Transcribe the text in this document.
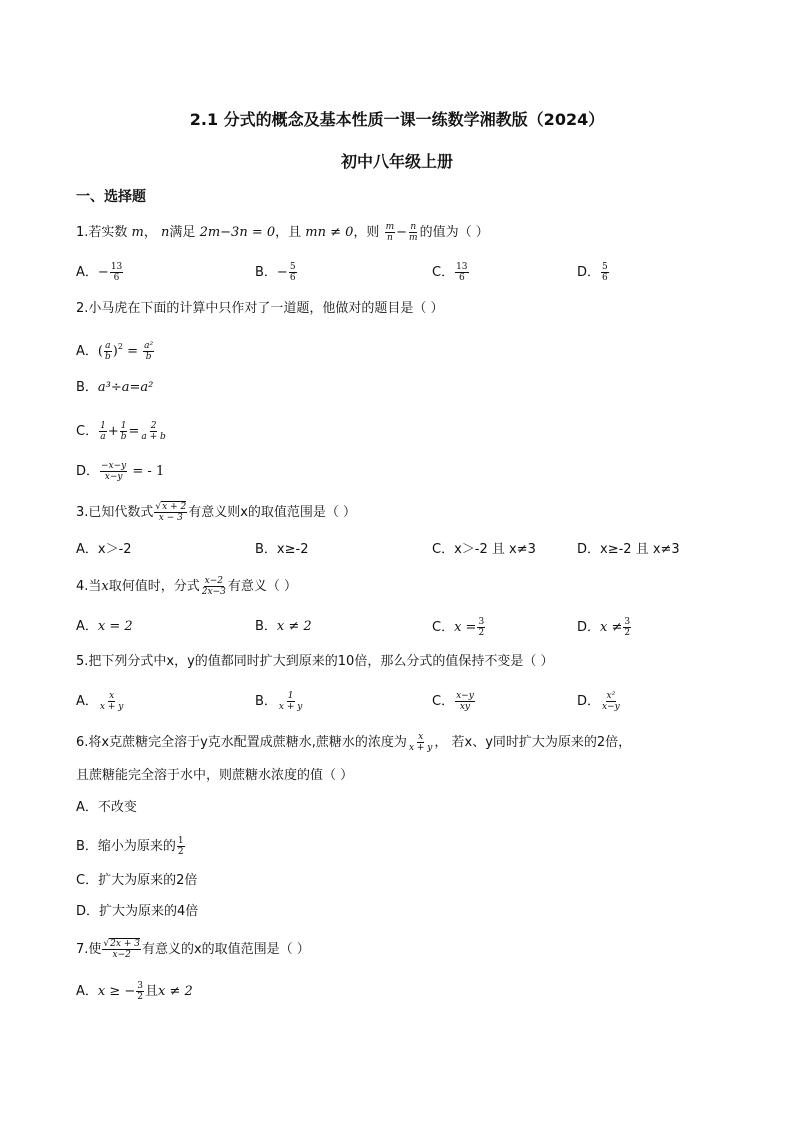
2.1 分式的概念及基本性质一课一练数学湘教版（2024）
初中八年级上册
一、选择题
1.若实数 m， n满足 2m−3n = 0，且 mn ≠ 0，则 $\frac{m}{n} - \frac{n}{m}$ 的值为（ ）
A．− $\frac{13}{6}$	B．− $\frac{5}{6}$	C． $\frac{13}{6}$	D． $\frac{5}{6}$
2.小马虎在下面的计算中只作对了一道题，他做对的题目是（ ）
A．( $\frac{a}{b} )^2 = \frac{\text{a²}}{b}$
B．a³÷a=a²
C． $\frac{1}{a} + \frac{1}{b} = \frac{2}{a + b}$
D． $\frac{-x-y}{x-y}$ = - 1
3.已知代数式 $\frac{√x + 2}{x - 3}$ 有意义则x的取值范围是（ ）
A．x＞-2	B．x≥-2	C．x＞-2 且 x≠3	D．x≥-2 且 x≠3
4.当x取何值时，分式 $\frac{x-2}{2x-3}$ 有意义（ ）
A．x = 2	B．x ≠ 2	C．$x = \frac{3}{2}$	D．$x \ne \frac{3}{2}$
5.把下列分式中x，y的值都同时扩大到原来的10倍，那么分式的值保持不变是（ ）
A． $\frac{x}{x + y}$	B． $\frac{1}{x + y}$	C． $\frac{x-y}{xy}$	D． $\frac{\text{x²}}{x-y}$
6.将x克蔗糖完全溶于y克水配置成蔗糖水,蔗糖水的浓度为 $\frac{x}{x + y}$ ， 若x、y同时扩大为原来的2倍，
且蔗糖能完全溶于水中，则蔗糖水浓度的值（ ）
A．不改变
B．缩小为原来的 $\frac{1}{2}$
C．扩大为原来的2倍
D．扩大为原来的4倍
7.使 $\frac{√2x + 3}{x-2}$ 有意义的x的取值范围是（ ）
A．x ≥ − $\frac{3}{2}$ 且x ≠ 2
